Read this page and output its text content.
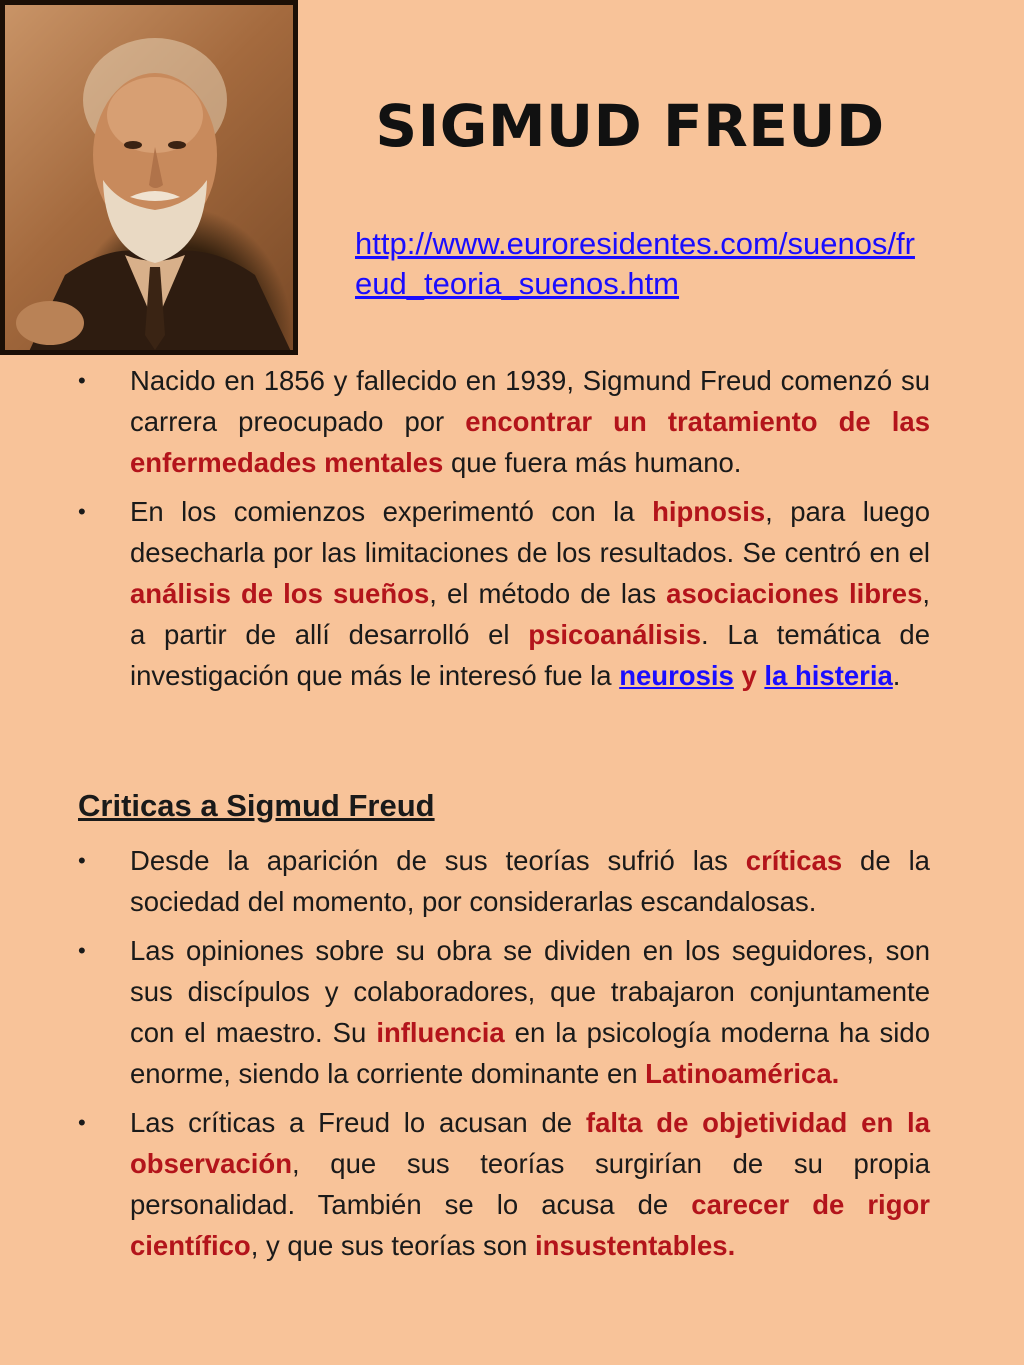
SIGMUD FREUD
http://www.euroresidentes.com/suenos/freud_teoria_suenos.htm
•	Nacido en 1856 y fallecido en 1939, Sigmund Freud comenzó su carrera preocupado por encontrar un tratamiento de las enfermedades mentales que fuera más humano.
•	En los comienzos experimentó con la hipnosis, para luego desecharla por las limitaciones de los resultados. Se centró en el análisis de los sueños, el método de las asociaciones libres, a partir de allí desarrolló el psicoanálisis. La temática de investigación que más le interesó fue la neurosis y la histeria.
Criticas a Sigmud Freud
•	Desde la aparición de sus teorías sufrió las críticas de la sociedad del momento, por considerarlas escandalosas.
•	Las opiniones sobre su obra se dividen en los seguidores, son sus discípulos y colaboradores, que trabajaron conjuntamente con el maestro. Su influencia en la psicología moderna ha sido enorme, siendo la corriente dominante en Latinoamérica.
•	Las críticas a Freud lo acusan de falta de objetividad en la observación, que sus teorías surgirían de su propia personalidad. También se lo acusa de carecer de rigor científico, y que sus teorías son insustentables.
